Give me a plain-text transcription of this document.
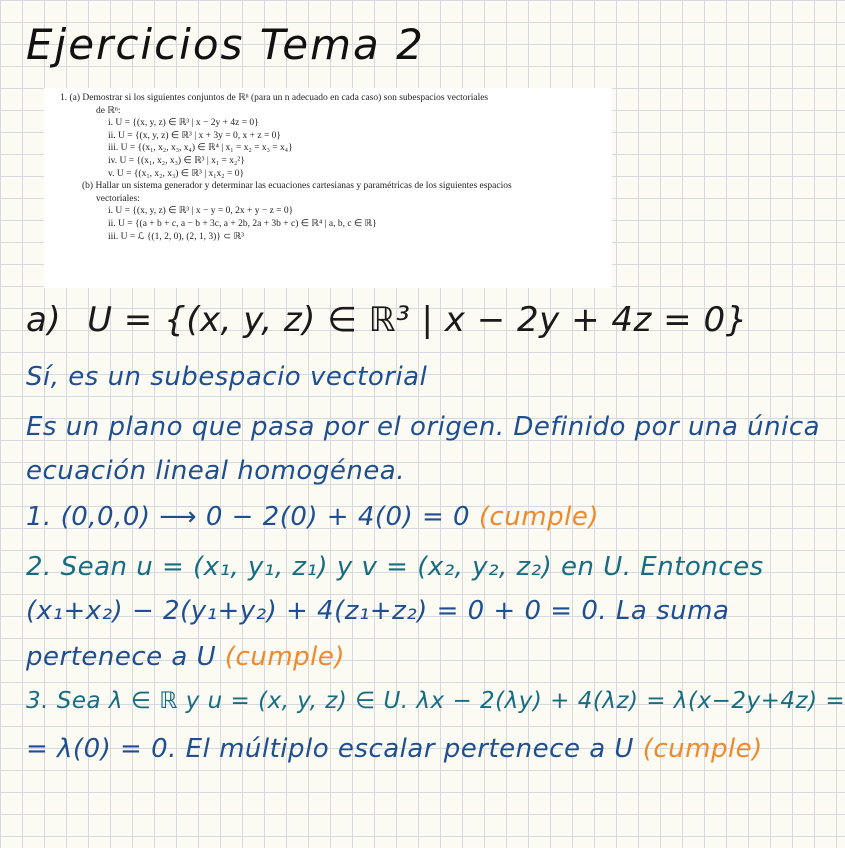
Ejercicios Tema 2
1. (a) Demostrar si los siguientes conjuntos de ℝⁿ (para un n adecuado en cada caso) son subespacios vectoriales
de ℝⁿ:
i. U = {(x, y, z) ∈ ℝ³ | x − 2y + 4z = 0}
ii. U = {(x, y, z) ∈ ℝ³ | x + 3y = 0, x + z = 0}
iii. U = {(x₁, x₂, x₃, x₄) ∈ ℝ⁴ | x₁ = x₂ = x₃ = x₄}
iv. U = {(x₁, x₂, x₃) ∈ ℝ³ | x₁ = x₂²}
v. U = {(x₁, x₂, x₃) ∈ ℝ³ | x₁x₂ = 0}
(b) Hallar un sistema generador y determinar las ecuaciones cartesianas y paramétricas de los siguientes espacios
vectoriales:
i. U = {(x, y, z) ∈ ℝ³ | x − y = 0, 2x + y − z = 0}
ii. U = {(a + b + c, a − b + 3c, a + 2b, 2a + 3b + c) ∈ ℝ⁴ | a, b, c ∈ ℝ}
iii. U = ℒ {(1, 2, 0), (2, 1, 3)} ⊂ ℝ³
a) U = {(x, y, z) ∈ ℝ³ | x − 2y + 4z = 0}
Sí, es un subespacio vectorial
Es un plano que pasa por el origen. Definido por una única
ecuación lineal homogénea.
1. (0,0,0) ⟶ 0 − 2(0) + 4(0) = 0 (cumple)
2. Sean u = (x₁, y₁, z₁) y v = (x₂, y₂, z₂) en U. Entonces
(x₁+x₂) − 2(y₁+y₂) + 4(z₁+z₂) = 0 + 0 = 0. La suma
pertenece a U (cumple)
3. Sea λ ∈ ℝ y u = (x, y, z) ∈ U. λx − 2(λy) + 4(λz) = λ(x−2y+4z) =
= λ(0) = 0. El múltiplo escalar pertenece a U (cumple)
